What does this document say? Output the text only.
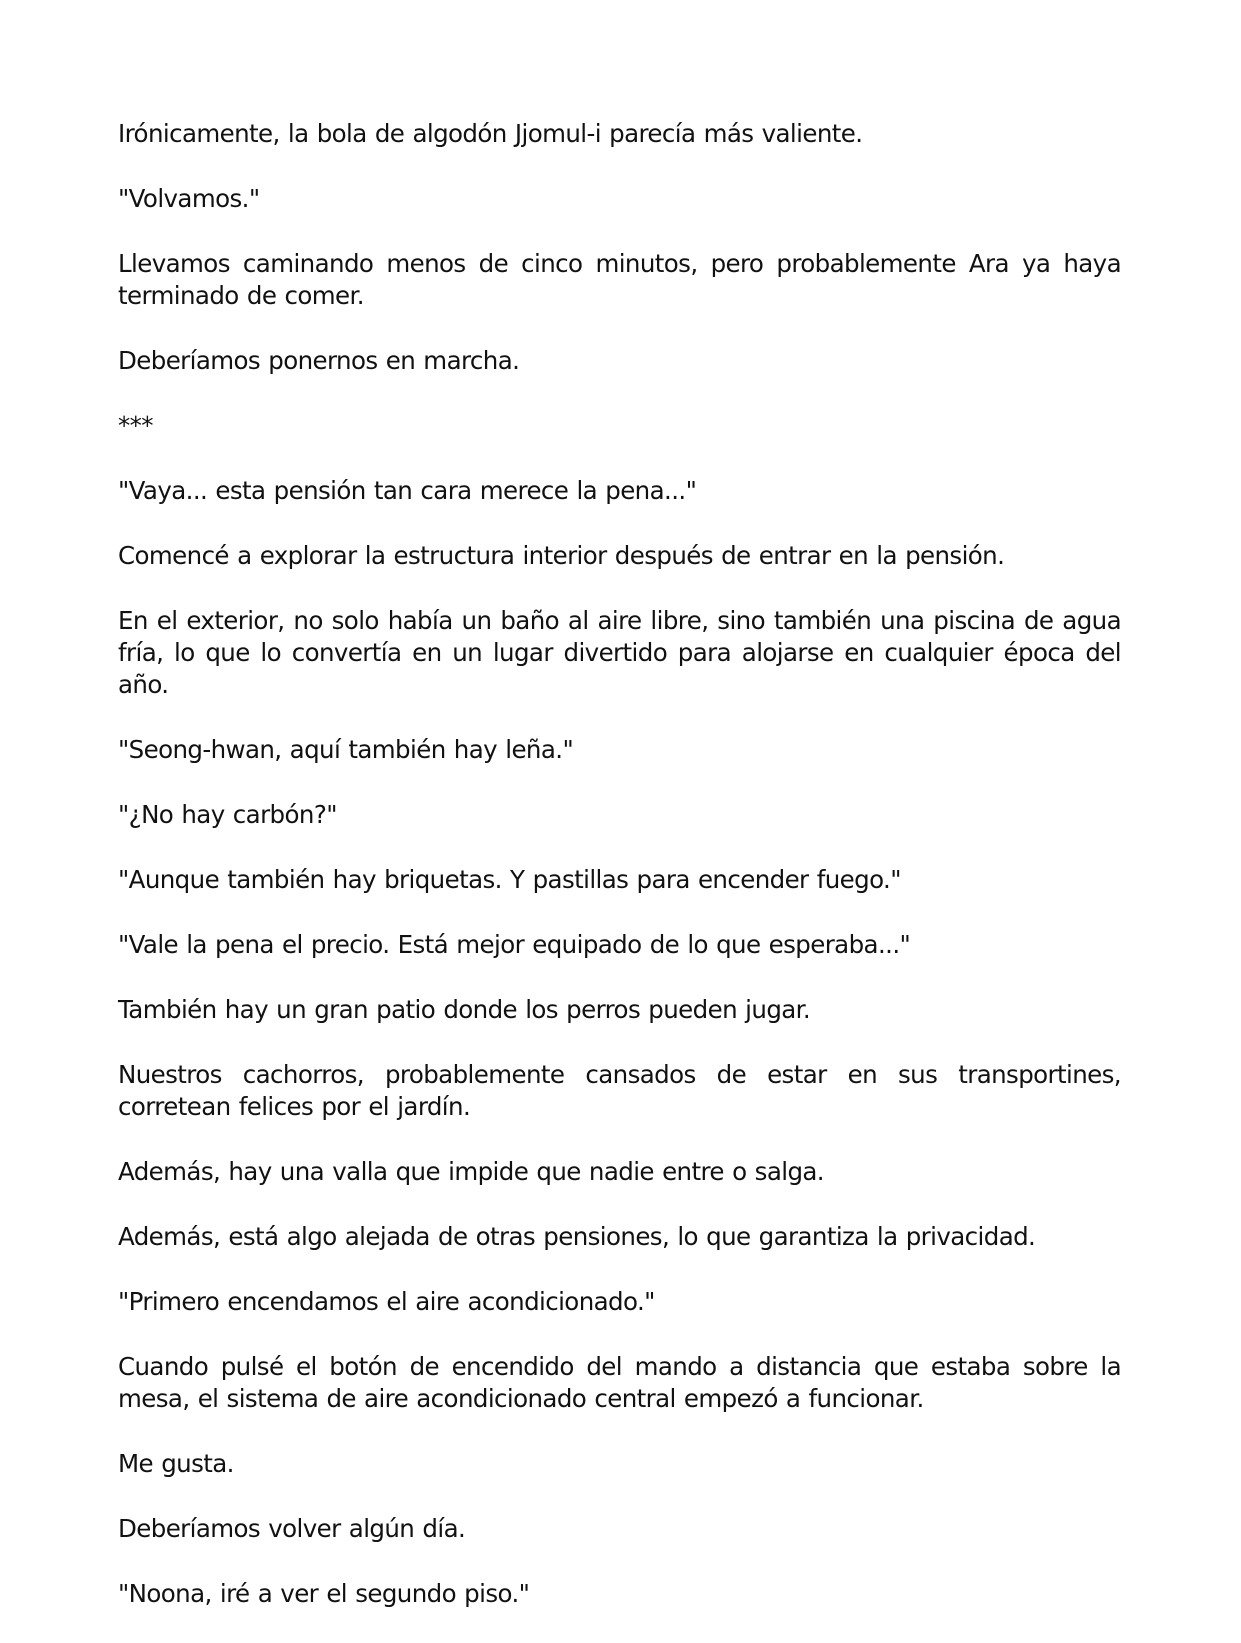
Irónicamente, la bola de algodón Jjomul-i parecía más valiente.

"Volvamos."

Llevamos caminando menos de cinco minutos, pero probablemente Ara ya haya terminado de comer.

Deberíamos ponernos en marcha.

***

"Vaya... esta pensión tan cara merece la pena..."

Comencé a explorar la estructura interior después de entrar en la pensión.

En el exterior, no solo había un baño al aire libre, sino también una piscina de agua fría, lo que lo convertía en un lugar divertido para alojarse en cualquier época del año.

"Seong-hwan, aquí también hay leña."

"¿No hay carbón?"

"Aunque también hay briquetas. Y pastillas para encender fuego."

"Vale la pena el precio. Está mejor equipado de lo que esperaba..."

También hay un gran patio donde los perros pueden jugar.

Nuestros cachorros, probablemente cansados de estar en sus transportines, corretean felices por el jardín.

Además, hay una valla que impide que nadie entre o salga.

Además, está algo alejada de otras pensiones, lo que garantiza la privacidad.

"Primero encendamos el aire acondicionado."

Cuando pulsé el botón de encendido del mando a distancia que estaba sobre la mesa, el sistema de aire acondicionado central empezó a funcionar.

Me gusta.

Deberíamos volver algún día.

"Noona, iré a ver el segundo piso."
